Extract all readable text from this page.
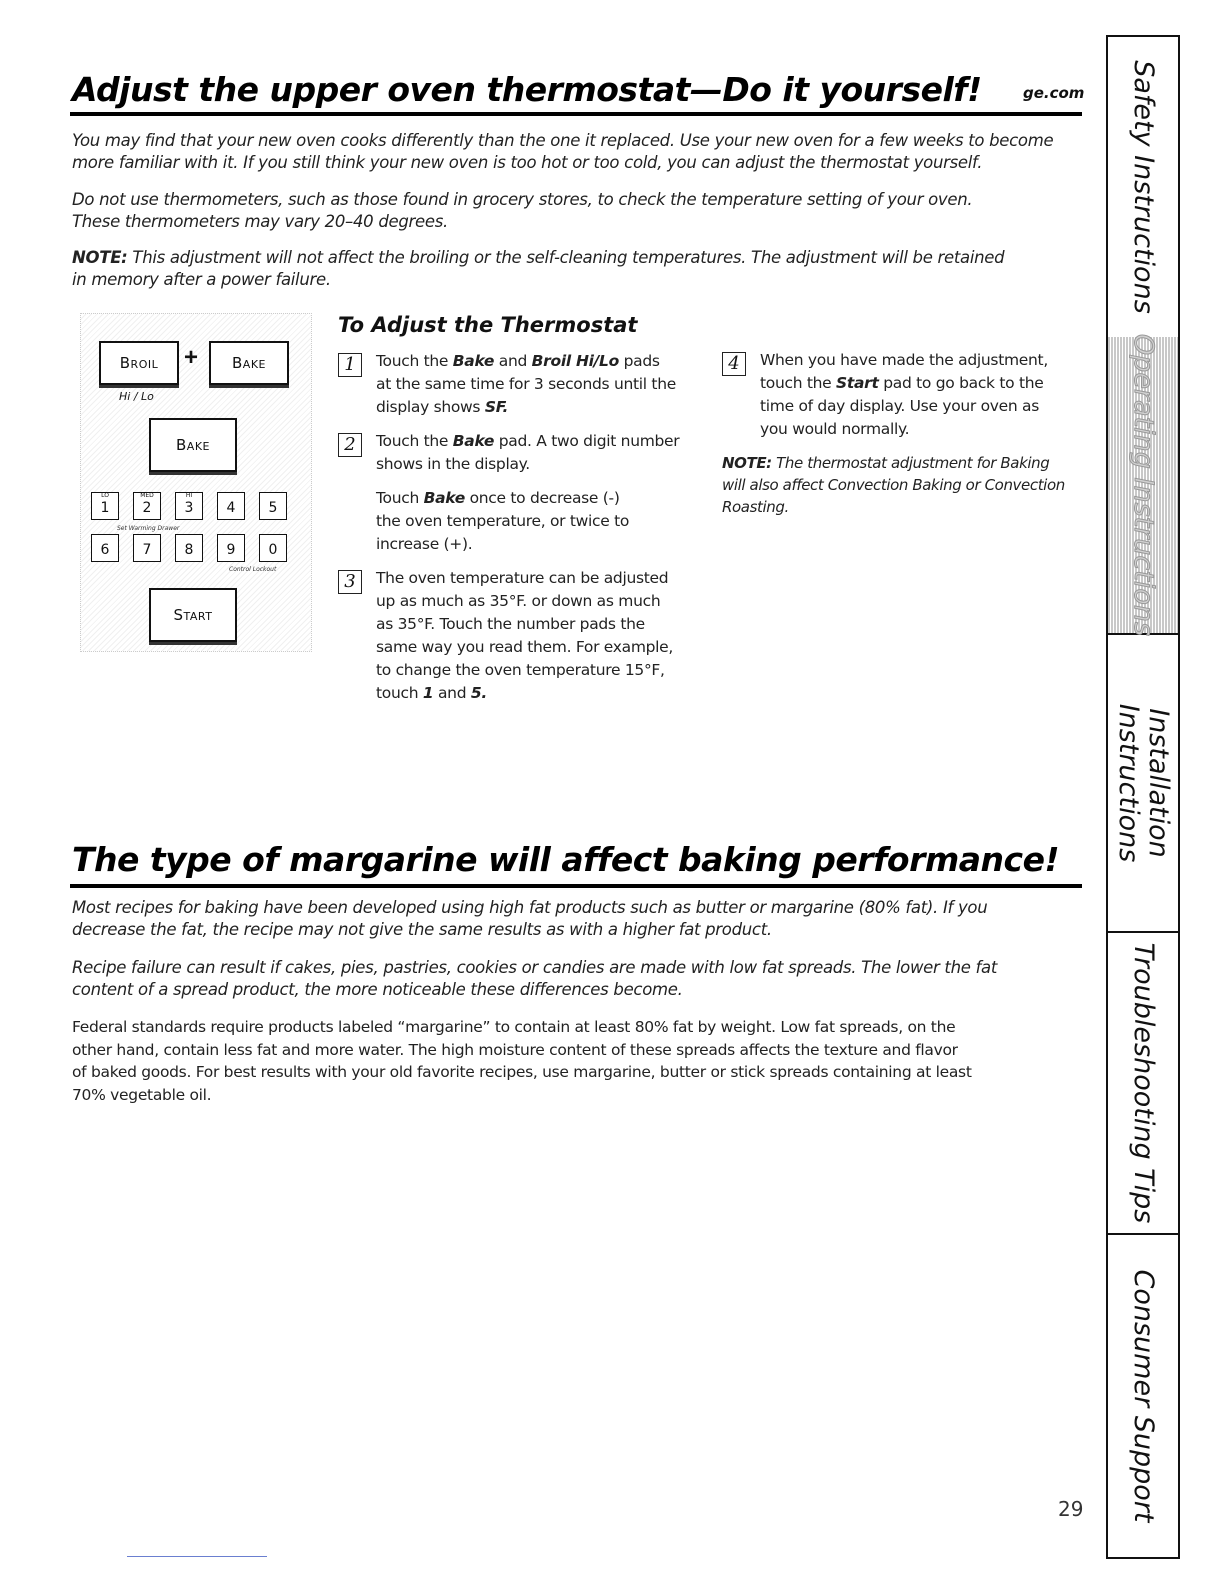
Adjust the upper oven thermostat—Do it yourself!	ge.com

You may find that your new oven cooks differently than the one it replaced. Use your new oven for a few weeks to become
more familiar with it. If you still think your new oven is too hot or too cold, you can adjust the thermostat yourself.

Do not use thermometers, such as those found in grocery stores, to check the temperature setting of your oven.
These thermometers may vary 20–40 degrees.

NOTE: This adjustment will not affect the broiling or the self-cleaning temperatures. The adjustment will be retained
in memory after a power failure.

Broil	+	Bake
Hi / Lo
Bake
LO
1
MED
2
HI
3	4	5
Set Warming Drawer
6	7	8	9	0
Control Lockout
Start
To Adjust the Thermostat
1	Touch the Bake and Broil Hi/Lo pads
at the same time for 3 seconds until the
display shows SF.

2	Touch the Bake pad. A two digit number
shows in the display.

Touch Bake once to decrease (-)
the oven temperature, or twice to
increase (+).

3	The oven temperature can be adjusted
up as much as 35°F. or down as much
as 35°F. Touch the number pads the
same way you read them. For example,
to change the oven temperature 15°F,
touch 1 and 5.

4	When you have made the adjustment,
touch the Start pad to go back to the
time of day display. Use your oven as
you would normally.

NOTE: The thermostat adjustment for Baking
will also affect Convection Baking or Convection
Roasting.

The type of margarine will affect baking performance!

Most recipes for baking have been developed using high fat products such as butter or margarine (80% fat). If you
decrease the fat, the recipe may not give the same results as with a higher fat product.

Recipe failure can result if cakes, pies, pastries, cookies or candies are made with low fat spreads. The lower the fat
content of a spread product, the more noticeable these differences become.

Federal standards require products labeled “margarine” to contain at least 80% fat by weight. Low fat spreads, on the
other hand, contain less fat and more water. The high moisture content of these spreads affects the texture and flavor
of baked goods. For best results with your old favorite recipes, use margarine, butter or stick spreads containing at least
70% vegetable oil.

Safety Instructions
Operating Instructions
Installation
Instructions
Troubleshooting Tips
Consumer Support
29
